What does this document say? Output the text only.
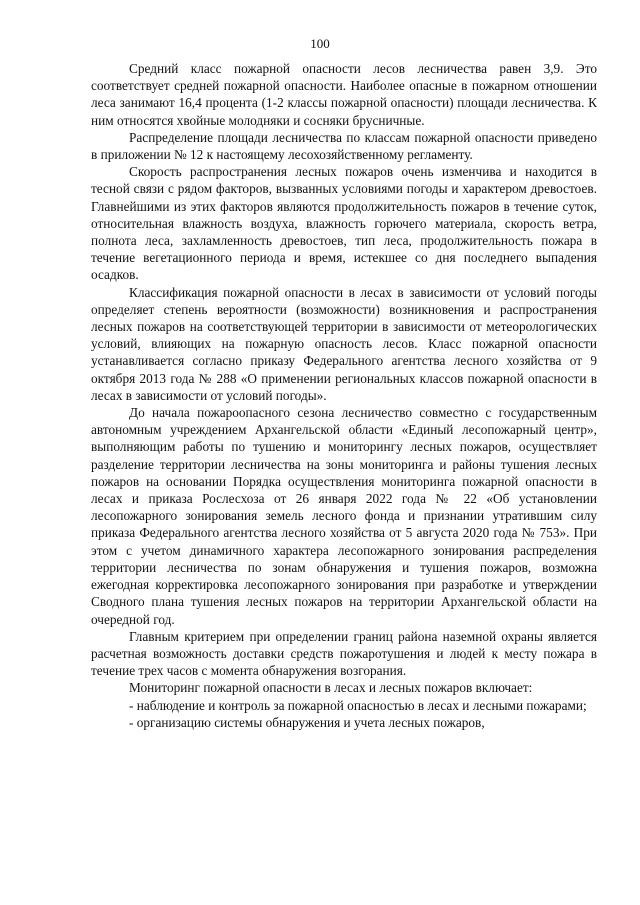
100

Средний класс пожарной опасности лесов лесничества равен 3,9. Это соответствует средней пожарной опасности. Наиболее опасные в пожарном отношении леса занимают 16,4 процента (1-2 классы пожарной опасности) площади лесничества. К ним относятся хвойные молодняки и сосняки брусничные.

Распределение площади лесничества по классам пожарной опасности приведено в приложении № 12 к настоящему лесохозяйственному регламенту.

Скорость распространения лесных пожаров очень изменчива и находится в тесной связи с рядом факторов, вызванных условиями погоды и характером древостоев. Главнейшими из этих факторов являются продолжительность пожаров в течение суток, относительная влажность воздуха, влажность горючего материала, скорость ветра, полнота леса, захламленность древостоев, тип леса, продолжительность пожара в течение вегетационного периода и время, истекшее со дня последнего выпадения осадков.

Классификация пожарной опасности в лесах в зависимости от условий погоды определяет степень вероятности (возможности) возникновения и распространения лесных пожаров на соответствующей территории в зависимости от метеорологических условий, влияющих на пожарную опасность лесов. Класс пожарной опасности устанавливается согласно приказу Федерального агентства лесного хозяйства от 9 октября 2013 года № 288 «О применении региональных классов пожарной опасности в лесах в зависимости от условий погоды».

До начала пожароопасного сезона лесничество совместно с государственным автономным учреждением Архангельской области «Единый лесопожарный центр», выполняющим работы по тушению и мониторингу лесных пожаров, осуществляет разделение территории лесничества на зоны мониторинга и районы тушения лесных пожаров на основании Порядка осуществления мониторинга пожарной опасности в лесах и приказа Рослесхоза от 26 января 2022 года № 22 «Об установлении лесопожарного зонирования земель лесного фонда и признании утратившим силу приказа Федерального агентства лесного хозяйства от 5 августа 2020 года № 753». При этом с учетом динамичного характера лесопожарного зонирования распределения территории лесничества по зонам обнаружения и тушения пожаров, возможна ежегодная корректировка лесопожарного зонирования при разработке и утверждении Сводного плана тушения лесных пожаров на территории Архангельской области на очередной год.

Главным критерием при определении границ района наземной охраны является расчетная возможность доставки средств пожаротушения и людей к месту пожара в течение трех часов с момента обнаружения возгорания.

Мониторинг пожарной опасности в лесах и лесных пожаров включает:

- наблюдение и контроль за пожарной опасностью в лесах и лесными пожарами;

- организацию системы обнаружения и учета лесных пожаров,
